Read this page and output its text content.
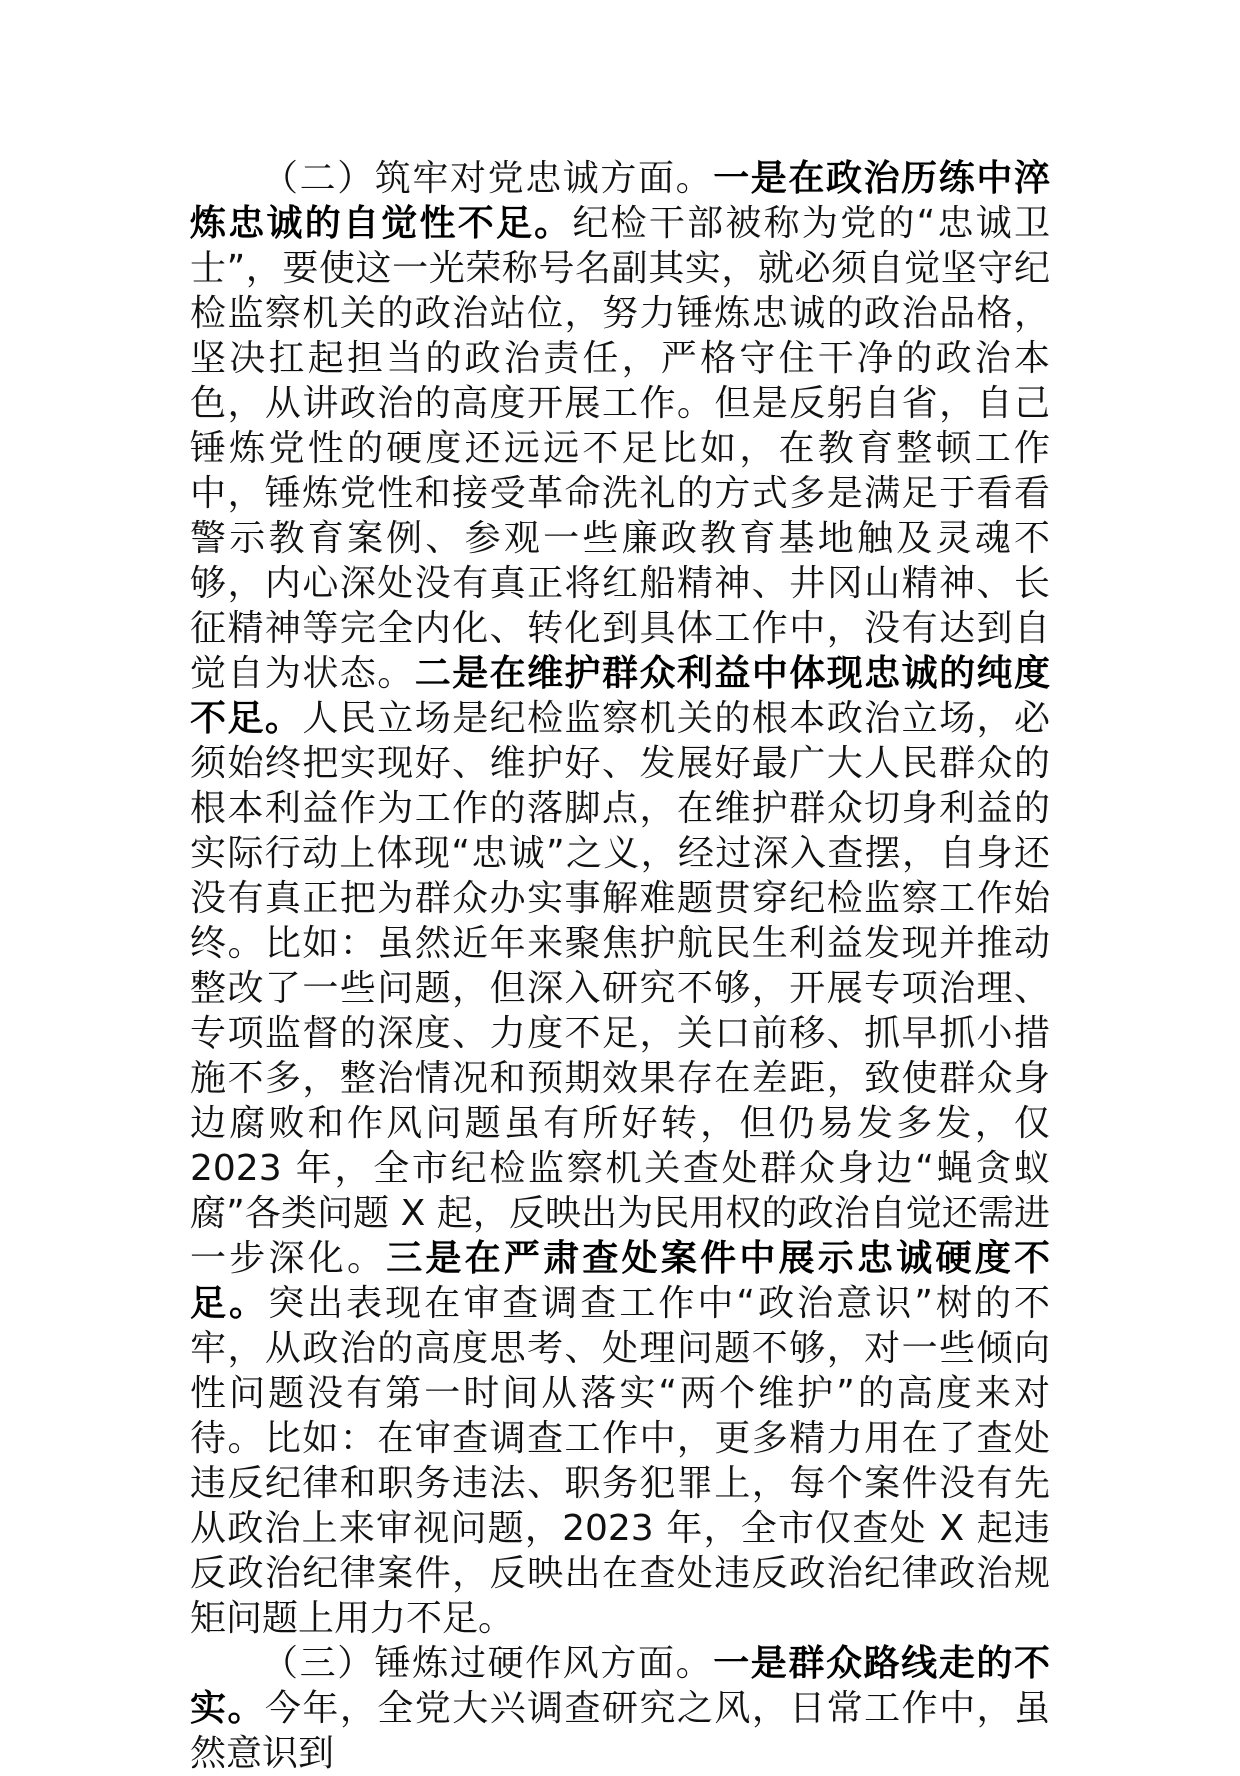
（二）筑牢对党忠诚方面。一是在政治历练中淬炼忠诚的自觉性不足。纪检干部被称为党的“忠诚卫士”，要使这一光荣称号名副其实，就必须自觉坚守纪检监察机关的政治站位，努力锤炼忠诚的政治品格，坚决扛起担当的政治责任，严格守住干净的政治本色，从讲政治的高度开展工作。但是反躬自省，自己锤炼党性的硬度还远远不足比如，在教育整顿工作中，锤炼党性和接受革命洗礼的方式多是满足于看看警示教育案例、参观一些廉政教育基地触及灵魂不够，内心深处没有真正将红船精神、井冈山精神、长征精神等完全内化、转化到具体工作中，没有达到自觉自为状态。二是在维护群众利益中体现忠诚的纯度不足。人民立场是纪检监察机关的根本政治立场，必须始终把实现好、维护好、发展好最广大人民群众的根本利益作为工作的落脚点，在维护群众切身利益的实际行动上体现“忠诚”之义，经过深入查摆，自身还没有真正把为群众办实事解难题贯穿纪检监察工作始终。比如：虽然近年来聚焦护航民生利益发现并推动整改了一些问题，但深入研究不够，开展专项治理、专项监督的深度、力度不足，关口前移、抓早抓小措施不多，整治情况和预期效果存在差距，致使群众身边腐败和作风问题虽有所好转，但仍易发多发，仅 2023 年，全市纪检监察机关查处群众身边“蝇贪蚁腐”各类问题 X 起，反映出为民用权的政治自觉还需进一步深化。三是在严肃查处案件中展示忠诚硬度不足。突出表现在审查调查工作中“政治意识”树的不牢，从政治的高度思考、处理问题不够，对一些倾向性问题没有第一时间从落实“两个维护”的高度来对待。比如：在审查调查工作中，更多精力用在了查处违反纪律和职务违法、职务犯罪上，每个案件没有先从政治上来审视问题，2023 年，全市仅查处 X 起违反政治纪律案件，反映出在查处违反政治纪律政治规矩问题上用力不足。

（三）锤炼过硬作风方面。一是群众路线走的不实。今年，全党大兴调查研究之风，日常工作中，虽然意识到
